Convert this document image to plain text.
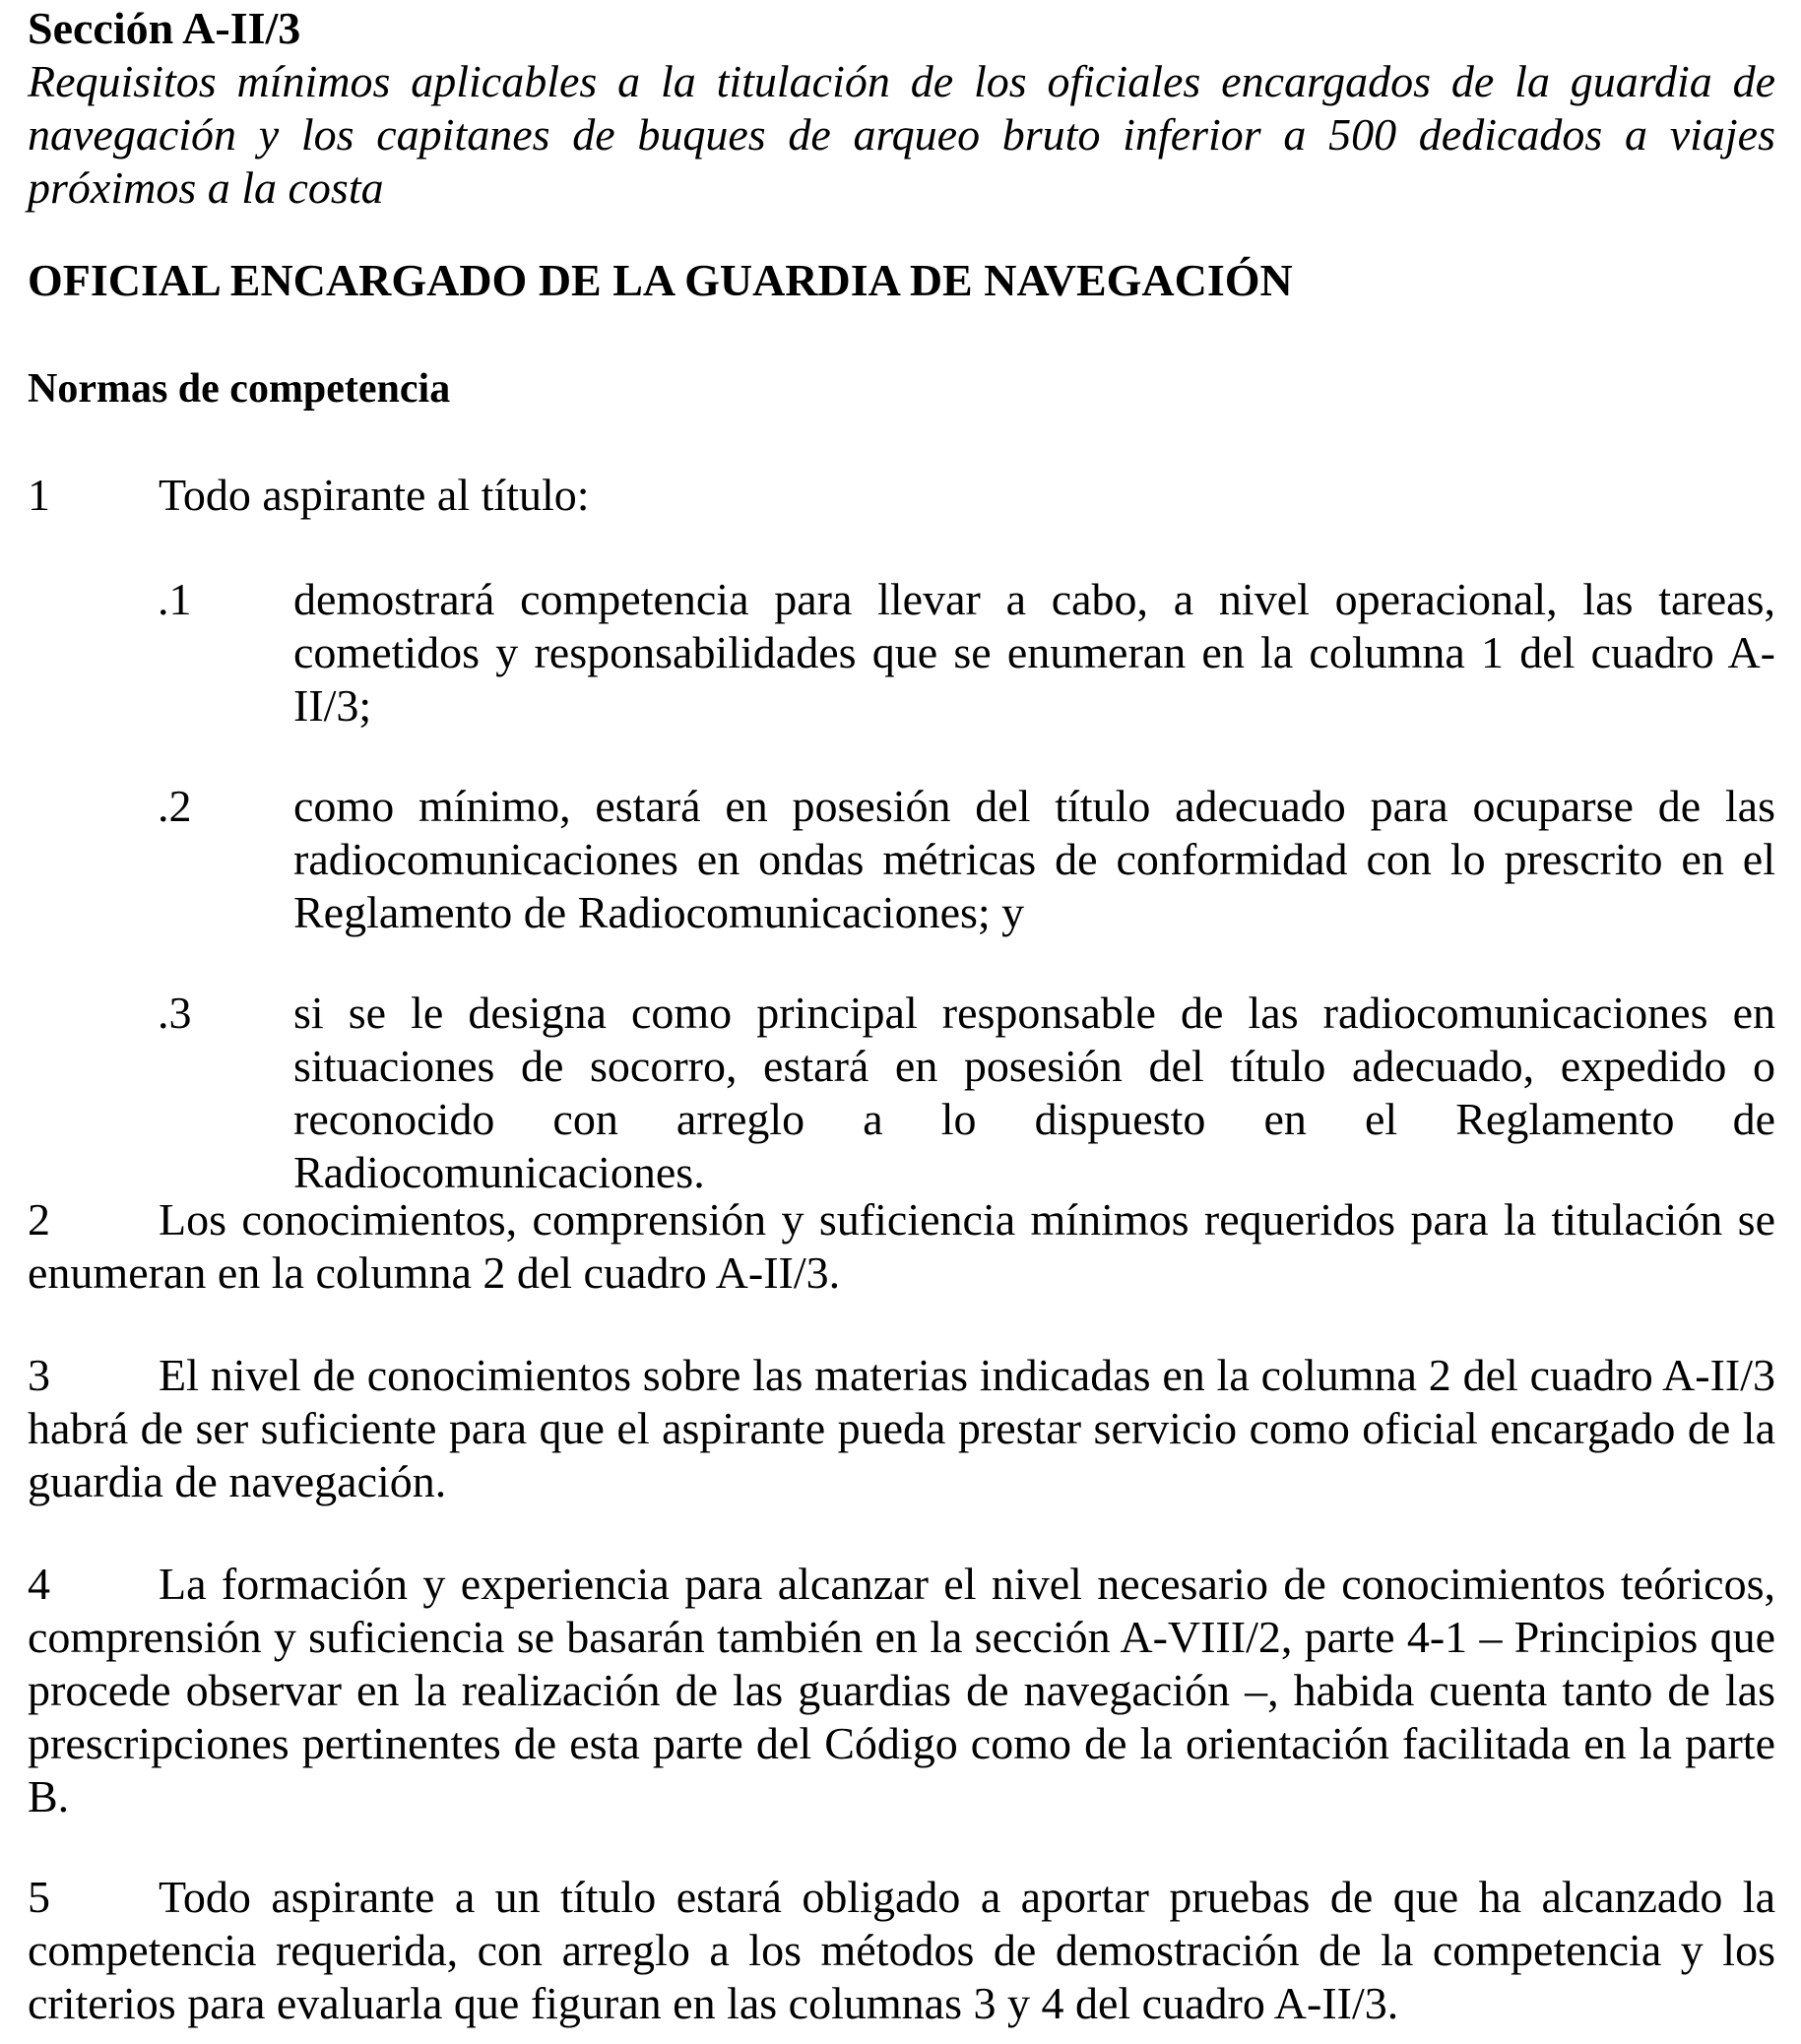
Sección A-II/3

Requisitos mínimos aplicables a la titulación de los oficiales encargados de la guardia de navegación y los capitanes de buques de arqueo bruto inferior a 500 dedicados a viajes próximos a la costa

OFICIAL ENCARGADO DE LA GUARDIA DE NAVEGACIÓN

Normas de competencia

1 Todo aspirante al título:

.1 demostrará competencia para llevar a cabo, a nivel operacional, las tareas, cometidos y responsabilidades que se enumeran en la columna 1 del cuadro A-II/3;

.2 como mínimo, estará en posesión del título adecuado para ocuparse de las radiocomunicaciones en ondas métricas de conformidad con lo prescrito en el Reglamento de Radiocomunicaciones; y

.3 si se le designa como principal responsable de las radiocomunicaciones en situaciones de socorro, estará en posesión del título adecuado, expedido o reconocido con arreglo a lo dispuesto en el Reglamento de Radiocomunicaciones.

2 Los conocimientos, comprensión y suficiencia mínimos requeridos para la titulación se enumeran en la columna 2 del cuadro A-II/3.

3 El nivel de conocimientos sobre las materias indicadas en la columna 2 del cuadro A-II/3 habrá de ser suficiente para que el aspirante pueda prestar servicio como oficial encargado de la guardia de navegación.

4 La formación y experiencia para alcanzar el nivel necesario de conocimientos teóricos, comprensión y suficiencia se basarán también en la sección A-VIII/2, parte 4-1 – Principios que procede observar en la realización de las guardias de navegación –, habida cuenta tanto de las prescripciones pertinentes de esta parte del Código como de la orientación facilitada en la parte B.

5 Todo aspirante a un título estará obligado a aportar pruebas de que ha alcanzado la competencia requerida, con arreglo a los métodos de demostración de la competencia y los criterios para evaluarla que figuran en las columnas 3 y 4 del cuadro A-II/3.
